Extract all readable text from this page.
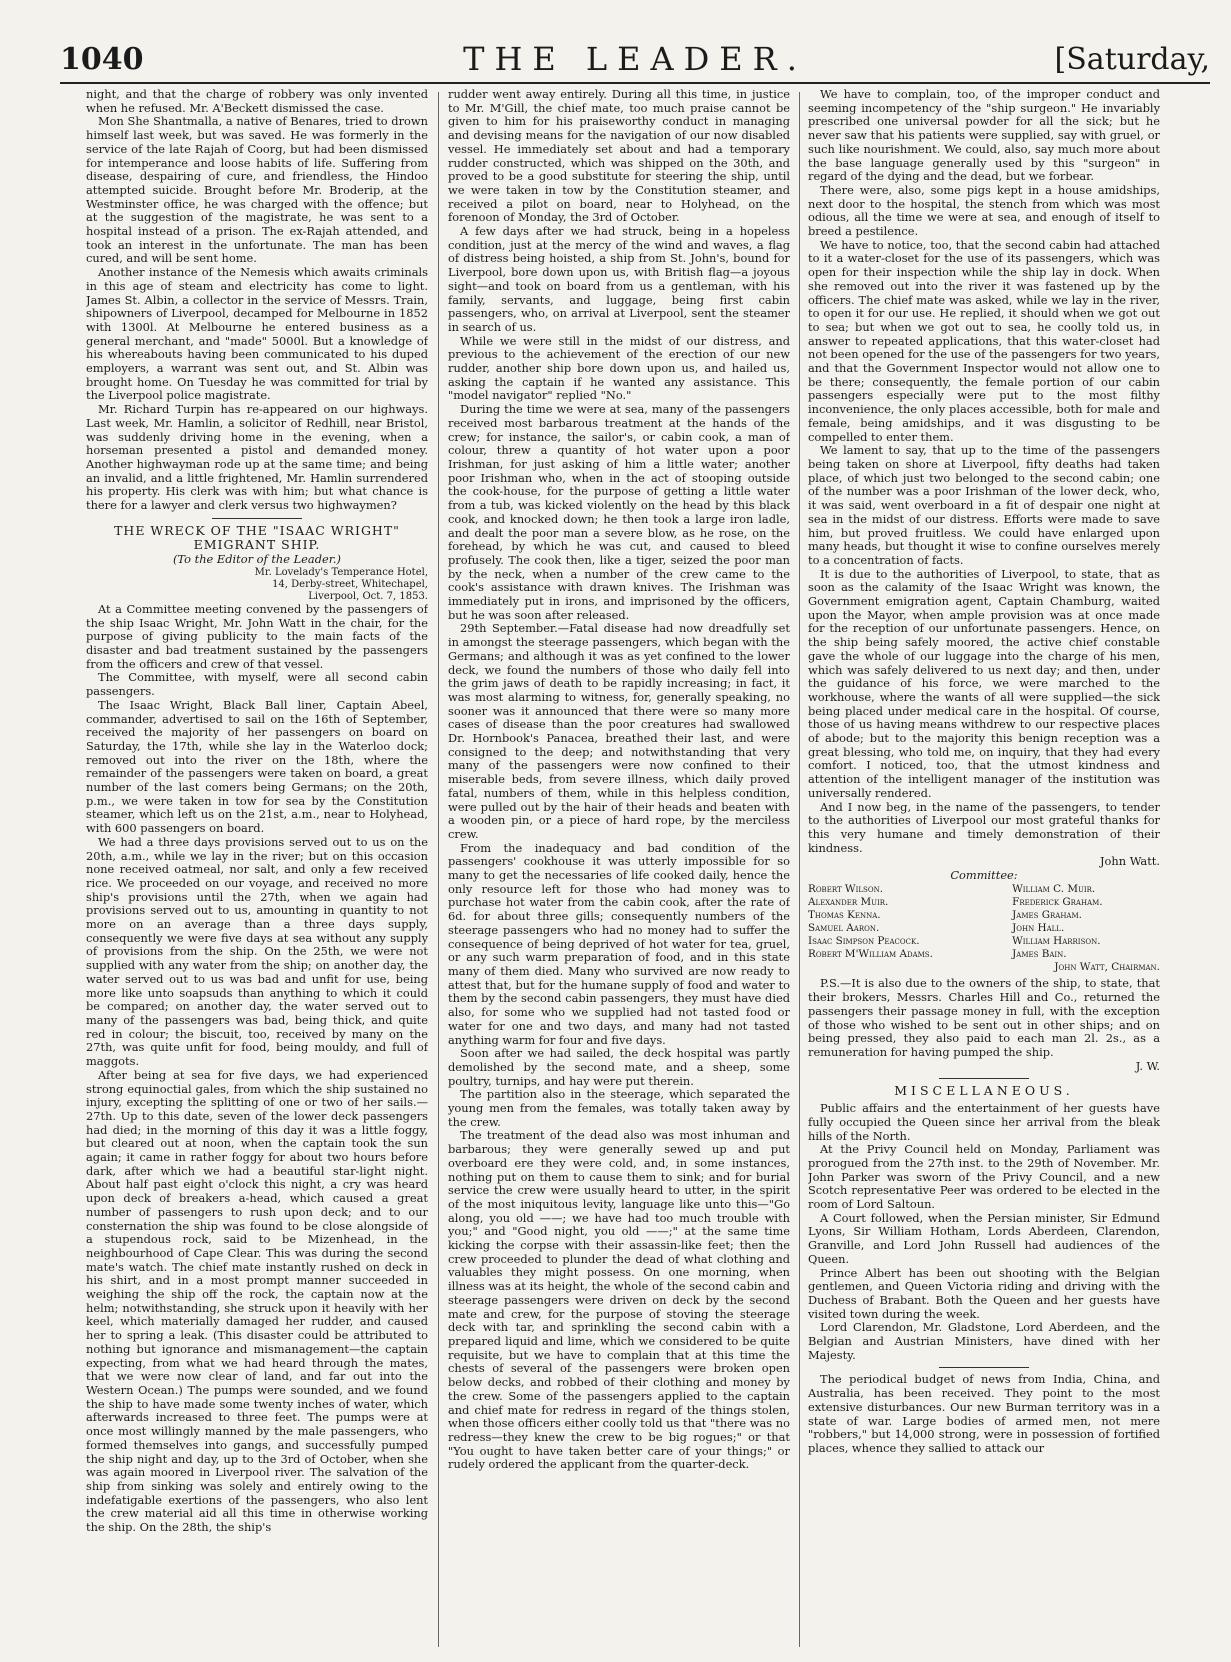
1040	THE LEADER.	[Saturday,

night, and that the charge of robbery was only invented when he refused. Mr. A'Beckett dismissed the case.

Mon She Shantmalla, a native of Benares, tried to drown himself last week, but was saved. He was formerly in the service of the late Rajah of Coorg, but had been dismissed for intemperance and loose habits of life. Suffering from disease, despairing of cure, and friendless, the Hindoo attempted suicide. Brought before Mr. Broderip, at the Westminster office, he was charged with the offence; but at the suggestion of the magistrate, he was sent to a hospital instead of a prison. The ex-Rajah attended, and took an interest in the unfortunate. The man has been cured, and will be sent home.

Another instance of the Nemesis which awaits criminals in this age of steam and electricity has come to light. James St. Albin, a collector in the service of Messrs. Train, shipowners of Liverpool, decamped for Melbourne in 1852 with 1300l. At Melbourne he entered business as a general merchant, and "made" 5000l. But a knowledge of his whereabouts having been communicated to his duped employers, a warrant was sent out, and St. Albin was brought home. On Tuesday he was committed for trial by the Liverpool police magistrate.

Mr. Richard Turpin has re-appeared on our highways. Last week, Mr. Hamlin, a solicitor of Redhill, near Bristol, was suddenly driving home in the evening, when a horseman presented a pistol and demanded money. Another highwayman rode up at the same time; and being an invalid, and a little frightened, Mr. Hamlin surrendered his property. His clerk was with him; but what chance is there for a lawyer and clerk versus two highwaymen?

THE WRECK OF THE "ISAAC WRIGHT" EMIGRANT SHIP.

(To the Editor of the Leader.)

Mr. Lovelady's Temperance Hotel,

14, Derby-street, Whitechapel,

Liverpool, Oct. 7, 1853.

At a Committee meeting convened by the passengers of the ship Isaac Wright, Mr. John Watt in the chair, for the purpose of giving publicity to the main facts of the disaster and bad treatment sustained by the passengers from the officers and crew of that vessel.

The Committee, with myself, were all second cabin passengers.

The Isaac Wright, Black Ball liner, Captain Abeel, commander, advertised to sail on the 16th of September, received the majority of her passengers on board on Saturday, the 17th, while she lay in the Waterloo dock; removed out into the river on the 18th, where the remainder of the passengers were taken on board, a great number of the last comers being Germans; on the 20th, p.m., we were taken in tow for sea by the Constitution steamer, which left us on the 21st, a.m., near to Holyhead, with 600 passengers on board.

We had a three days provisions served out to us on the 20th, a.m., while we lay in the river; but on this occasion none received oatmeal, nor salt, and only a few received rice. We proceeded on our voyage, and received no more ship's provisions until the 27th, when we again had provisions served out to us, amounting in quantity to not more on an average than a three days supply, consequently we were five days at sea without any supply of provisions from the ship. On the 25th, we were not supplied with any water from the ship; on another day, the water served out to us was bad and unfit for use, being more like unto soapsuds than anything to which it could be compared; on another day, the water served out to many of the passengers was bad, being thick, and quite red in colour; the biscuit, too, received by many on the 27th, was quite unfit for food, being mouldy, and full of maggots.

After being at sea for five days, we had experienced strong equinoctial gales, from which the ship sustained no injury, excepting the splitting of one or two of her sails.—27th. Up to this date, seven of the lower deck passengers had died; in the morning of this day it was a little foggy, but cleared out at noon, when the captain took the sun again; it came in rather foggy for about two hours before dark, after which we had a beautiful star-light night. About half past eight o'clock this night, a cry was heard upon deck of breakers a-head, which caused a great number of passengers to rush upon deck; and to our consternation the ship was found to be close alongside of a stupendous rock, said to be Mizenhead, in the neighbourhood of Cape Clear. This was during the second mate's watch. The chief mate instantly rushed on deck in his shirt, and in a most prompt manner succeeded in weighing the ship off the rock, the captain now at the helm; notwithstanding, she struck upon it heavily with her keel, which materially damaged her rudder, and caused her to spring a leak. (This disaster could be attributed to nothing but ignorance and mismanagement—the captain expecting, from what we had heard through the mates, that we were now clear of land, and far out into the Western Ocean.) The pumps were sounded, and we found the ship to have made some twenty inches of water, which afterwards increased to three feet. The pumps were at once most willingly manned by the male passengers, who formed themselves into gangs, and successfully pumped the ship night and day, up to the 3rd of October, when she was again moored in Liverpool river. The salvation of the ship from sinking was solely and entirely owing to the indefatigable exertions of the passengers, who also lent the crew material aid all this time in otherwise working the ship. On the 28th, the ship's

rudder went away entirely. During all this time, in justice to Mr. M'Gill, the chief mate, too much praise cannot be given to him for his praiseworthy conduct in managing and devising means for the navigation of our now disabled vessel. He immediately set about and had a temporary rudder constructed, which was shipped on the 30th, and proved to be a good substitute for steering the ship, until we were taken in tow by the Constitution steamer, and received a pilot on board, near to Holyhead, on the forenoon of Monday, the 3rd of October.

A few days after we had struck, being in a hopeless condition, just at the mercy of the wind and waves, a flag of distress being hoisted, a ship from St. John's, bound for Liverpool, bore down upon us, with British flag—a joyous sight—and took on board from us a gentleman, with his family, servants, and luggage, being first cabin passengers, who, on arrival at Liverpool, sent the steamer in search of us.

While we were still in the midst of our distress, and previous to the achievement of the erection of our new rudder, another ship bore down upon us, and hailed us, asking the captain if he wanted any assistance. This "model navigator" replied "No."

During the time we were at sea, many of the passengers received most barbarous treatment at the hands of the crew; for instance, the sailor's, or cabin cook, a man of colour, threw a quantity of hot water upon a poor Irishman, for just asking of him a little water; another poor Irishman who, when in the act of stooping outside the cook-house, for the purpose of getting a little water from a tub, was kicked violently on the head by this black cook, and knocked down; he then took a large iron ladle, and dealt the poor man a severe blow, as he rose, on the forehead, by which he was cut, and caused to bleed profusely. The cook then, like a tiger, seized the poor man by the neck, when a number of the crew came to the cook's assistance with drawn knives. The Irishman was immediately put in irons, and imprisoned by the officers, but he was soon after released.

29th September.—Fatal disease had now dreadfully set in amongst the steerage passengers, which began with the Germans; and although it was as yet confined to the lower deck, we found the numbers of those who daily fell into the grim jaws of death to be rapidly increasing; in fact, it was most alarming to witness, for, generally speaking, no sooner was it announced that there were so many more cases of disease than the poor creatures had swallowed Dr. Hornbook's Panacea, breathed their last, and were consigned to the deep; and notwithstanding that very many of the passengers were now confined to their miserable beds, from severe illness, which daily proved fatal, numbers of them, while in this helpless condition, were pulled out by the hair of their heads and beaten with a wooden pin, or a piece of hard rope, by the merciless crew.

From the inadequacy and bad condition of the passengers' cookhouse it was utterly impossible for so many to get the necessaries of life cooked daily, hence the only resource left for those who had money was to purchase hot water from the cabin cook, after the rate of 6d. for about three gills; consequently numbers of the steerage passengers who had no money had to suffer the consequence of being deprived of hot water for tea, gruel, or any such warm preparation of food, and in this state many of them died. Many who survived are now ready to attest that, but for the humane supply of food and water to them by the second cabin passengers, they must have died also, for some who we supplied had not tasted food or water for one and two days, and many had not tasted anything warm for four and five days.

Soon after we had sailed, the deck hospital was partly demolished by the second mate, and a sheep, some poultry, turnips, and hay were put therein.

The partition also in the steerage, which separated the young men from the females, was totally taken away by the crew.

The treatment of the dead also was most inhuman and barbarous; they were generally sewed up and put overboard ere they were cold, and, in some instances, nothing put on them to cause them to sink; and for burial service the crew were usually heard to utter, in the spirit of the most iniquitous levity, language like unto this—"Go along, you old ——; we have had too much trouble with you;" and "Good night, you old ——;" at the same time kicking the corpse with their assassin-like feet; then the crew proceeded to plunder the dead of what clothing and valuables they might possess. On one morning, when illness was at its height, the whole of the second cabin and steerage passengers were driven on deck by the second mate and crew, for the purpose of stoving the steerage deck with tar, and sprinkling the second cabin with a prepared liquid and lime, which we considered to be quite requisite, but we have to complain that at this time the chests of several of the passengers were broken open below decks, and robbed of their clothing and money by the crew. Some of the passengers applied to the captain and chief mate for redress in regard of the things stolen, when those officers either coolly told us that "there was no redress—they knew the crew to be big rogues;" or that "You ought to have taken better care of your things;" or rudely ordered the applicant from the quarter-deck.

We have to complain, too, of the improper conduct and seeming incompetency of the "ship surgeon." He invariably prescribed one universal powder for all the sick; but he never saw that his patients were supplied, say with gruel, or such like nourishment. We could, also, say much more about the base language generally used by this "surgeon" in regard of the dying and the dead, but we forbear.

There were, also, some pigs kept in a house amidships, next door to the hospital, the stench from which was most odious, all the time we were at sea, and enough of itself to breed a pestilence.

We have to notice, too, that the second cabin had attached to it a water-closet for the use of its passengers, which was open for their inspection while the ship lay in dock. When she removed out into the river it was fastened up by the officers. The chief mate was asked, while we lay in the river, to open it for our use. He replied, it should when we got out to sea; but when we got out to sea, he coolly told us, in answer to repeated applications, that this water-closet had not been opened for the use of the passengers for two years, and that the Government Inspector would not allow one to be there; consequently, the female portion of our cabin passengers especially were put to the most filthy inconvenience, the only places accessible, both for male and female, being amidships, and it was disgusting to be compelled to enter them.

We lament to say, that up to the time of the passengers being taken on shore at Liverpool, fifty deaths had taken place, of which just two belonged to the second cabin; one of the number was a poor Irishman of the lower deck, who, it was said, went overboard in a fit of despair one night at sea in the midst of our distress. Efforts were made to save him, but proved fruitless. We could have enlarged upon many heads, but thought it wise to confine ourselves merely to a concentration of facts.

It is due to the authorities of Liverpool, to state, that as soon as the calamity of the Isaac Wright was known, the Government emigration agent, Captain Chamburg, waited upon the Mayor, when ample provision was at once made for the reception of our unfortunate passengers. Hence, on the ship being safely moored, the active chief constable gave the whole of our luggage into the charge of his men, which was safely delivered to us next day; and then, under the guidance of his force, we were marched to the workhouse, where the wants of all were supplied—the sick being placed under medical care in the hospital. Of course, those of us having means withdrew to our respective places of abode; but to the majority this benign reception was a great blessing, who told me, on inquiry, that they had every comfort. I noticed, too, that the utmost kindness and attention of the intelligent manager of the institution was universally rendered.

And I now beg, in the name of the passengers, to tender to the authorities of Liverpool our most grateful thanks for this very humane and timely demonstration of their kindness.

John Watt.

Committee:

Robert Wilson.	William C. Muir.
Alexander Muir.	Frederick Graham.
Thomas Kenna.	James Graham.
Samuel Aaron.	John Hall.
Isaac Simpson Peacock.	William Harrison.
Robert M'William Adams.	James Bain.

John Watt, Chairman.

P.S.—It is also due to the owners of the ship, to state, that their brokers, Messrs. Charles Hill and Co., returned the passengers their passage money in full, with the exception of those who wished to be sent out in other ships; and on being pressed, they also paid to each man 2l. 2s., as a remuneration for having pumped the ship.

J. W.

MISCELLANEOUS.

Public affairs and the entertainment of her guests have fully occupied the Queen since her arrival from the bleak hills of the North.

At the Privy Council held on Monday, Parliament was prorogued from the 27th inst. to the 29th of November. Mr. John Parker was sworn of the Privy Council, and a new Scotch representative Peer was ordered to be elected in the room of Lord Saltoun.

A Court followed, when the Persian minister, Sir Edmund Lyons, Sir William Hotham, Lords Aberdeen, Clarendon, Granville, and Lord John Russell had audiences of the Queen.

Prince Albert has been out shooting with the Belgian gentlemen, and Queen Victoria riding and driving with the Duchess of Brabant. Both the Queen and her guests have visited town during the week.

Lord Clarendon, Mr. Gladstone, Lord Aberdeen, and the Belgian and Austrian Ministers, have dined with her Majesty.

The periodical budget of news from India, China, and Australia, has been received. They point to the most extensive disturbances. Our new Burman territory was in a state of war. Large bodies of armed men, not mere "robbers," but 14,000 strong, were in possession of fortified places, whence they sallied to attack our
